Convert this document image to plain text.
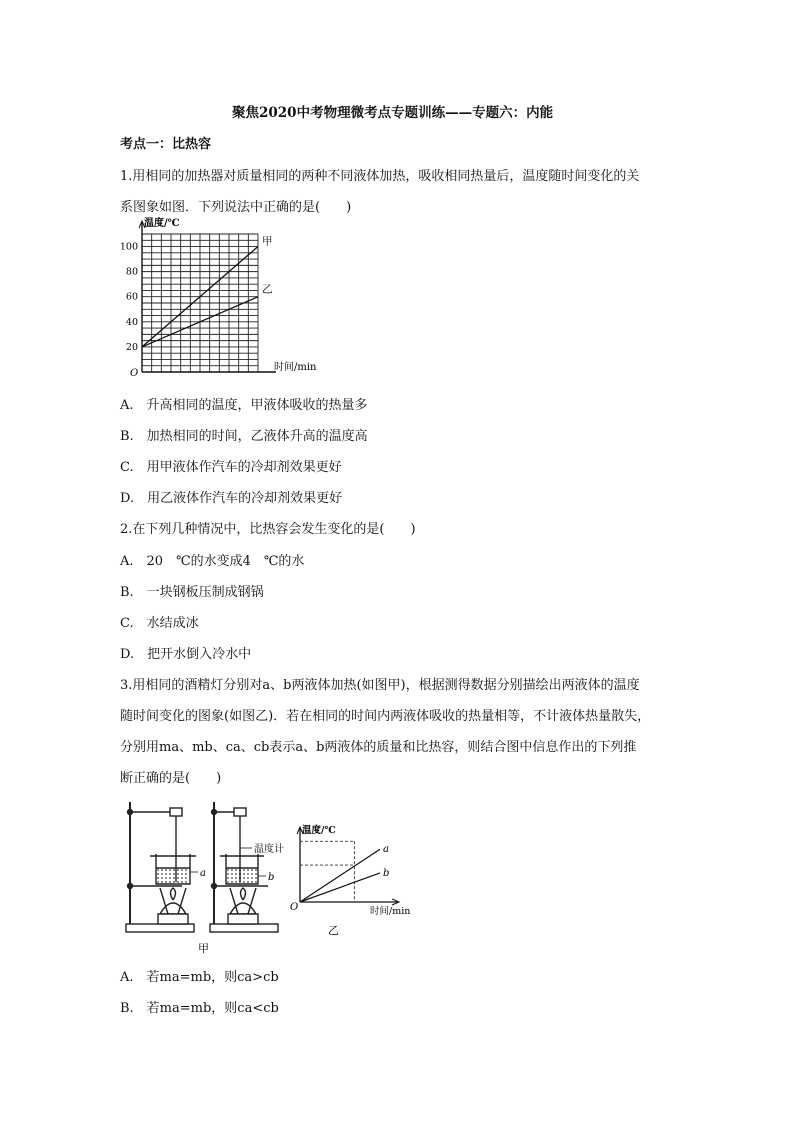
聚焦2020中考物理微考点专题训练——专题六：内能
考点一：比热容
1.用相同的加热器对质量相同的两种不同液体加热，吸收相同热量后，温度随时间变化的关
系图象如图．下列说法中正确的是(　　)
温度/℃
时间/min
O
20
40
60
80
100	甲
乙
A.　升高相同的温度，甲液体吸收的热量多
B.　加热相同的时间，乙液体升高的温度高
C.　用甲液体作汽车的冷却剂效果更好
D.　用乙液体作汽车的冷却剂效果更好
2.在下列几种情况中，比热容会发生变化的是(　　)
A.　20　℃的水变成4　℃的水
B.　一块钢板压制成钢锅
C.　水结成冰
D.　把开水倒入冷水中
3.用相同的酒精灯分别对a、b两液体加热(如图甲)，根据测得数据分别描绘出两液体的温度
随时间变化的图象(如图乙)．若在相同的时间内两液体吸收的热量相等，不计液体热量散失，
分别用ma、mb、ca、cb表示a、b两液体的质量和比热容，则结合图中信息作出的下列推
断正确的是(　　)
a
温度计
b
甲
温度/℃
时间/min
O
乙
a
b
A.　若ma=mb，则ca>cb
B.　若ma=mb，则ca<cb
